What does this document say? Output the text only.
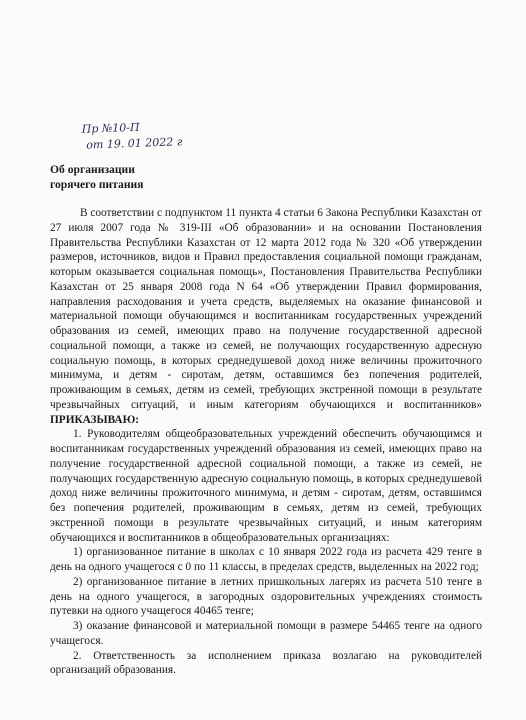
Пр №10-П
от 19. 01 2022 г
Об организации
горячего питания

В соответствии с подпунктом 11 пункта 4 статьи 6 Закона Республики Казахстан от 27 июля 2007 года № 319-III «Об образовании» и на основании Постановления Правительства Республики Казахстан от 12 марта 2012 года № 320 «Об утверждении размеров, источников, видов и Правил предоставления социальной помощи гражданам, которым оказывается социальная помощь», Постановления Правительства Республики Казахстан от 25 января 2008 года N 64 «Об утверждении Правил формирования, направления расходования и учета средств, выделяемых на оказание финансовой и материальной помощи обучающимся и воспитанникам государственных учреждений образования из семей, имеющих право на получение государственной адресной социальной помощи, а также из семей, не получающих государственную адресную социальную помощь, в которых среднедушевой доход ниже величины прожиточного минимума, и детям - сиротам, детям, оставшимся без попечения родителей, проживающим в семьях, детям из семей, требующих экстренной помощи в результате чрезвычайных ситуаций, и иным категориям обучающихся и воспитанников» ПРИКАЗЫВАЮ:

1. Руководителям общеобразовательных учреждений обеспечить обучающимся и воспитанникам государственных учреждений образования из семей, имеющих право на получение государственной адресной социальной помощи, а также из семей, не получающих государственную адресную социальную помощь, в которых среднедушевой доход ниже величины прожиточного минимума, и детям - сиротам, детям, оставшимся без попечения родителей, проживающим в семьях, детям из семей, требующих экстренной помощи в результате чрезвычайных ситуаций, и иным категориям обучающихся и воспитанников в общеобразовательных организациях:

1) организованное питание в школах с 10 января 2022 года из расчета 429 тенге в день на одного учащегося с 0 по 11 классы, в пределах средств, выделенных на 2022 год;

2) организованное питание в летних пришкольных лагерях из расчета 510 тенге в день на одного учащегося, в загородных оздоровительных учреждениях стоимость путевки на одного учащегося 40465 тенге;

3) оказание финансовой и материальной помощи в размере 54465 тенге на одного учащегося.

2. Ответственность за исполнением приказа возлагаю на руководителей организаций образования.
